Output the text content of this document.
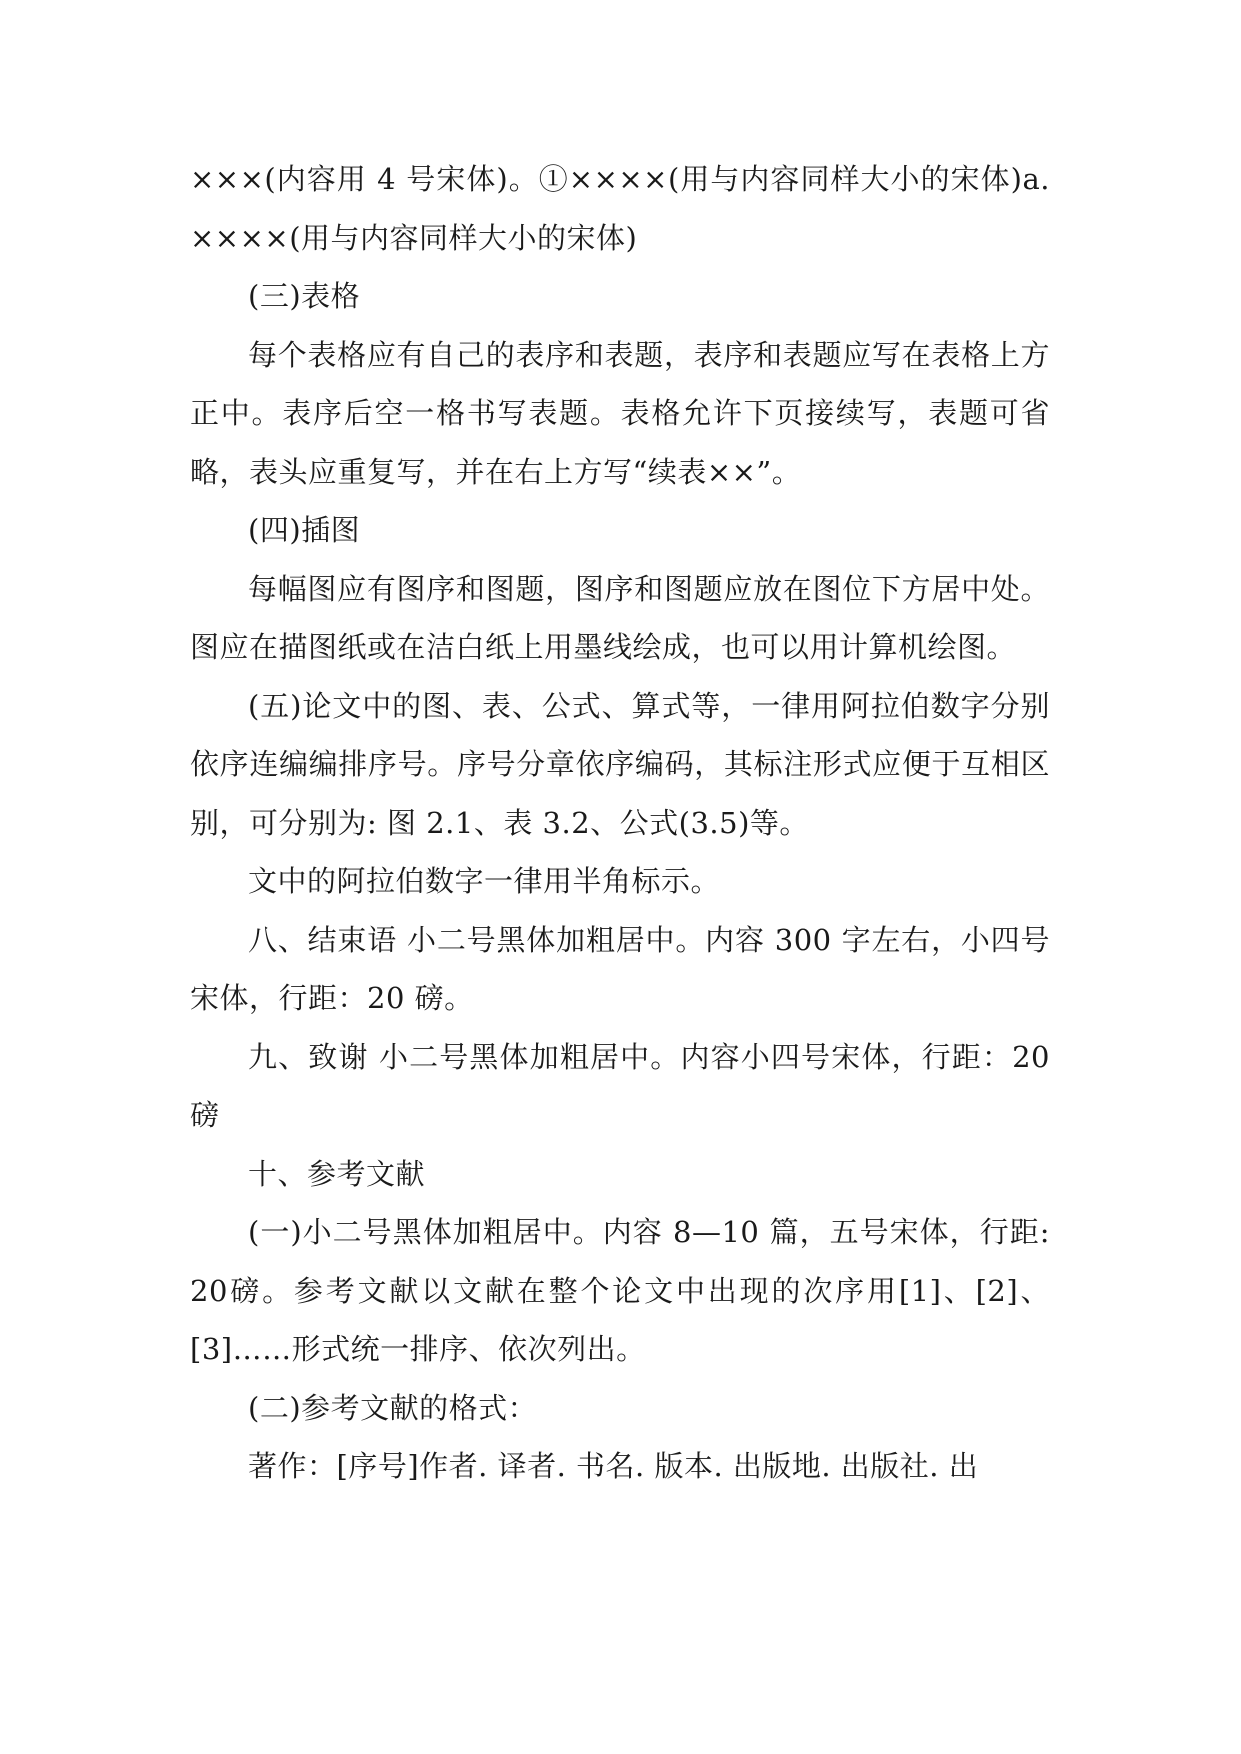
×××(内容用 4 号宋体)。①××××(用与内容同样大小的宋体)a. ××××(用与内容同样大小的宋体)

(三)表格

每个表格应有自己的表序和表题，表序和表题应写在表格上方正中。表序后空一格书写表题。表格允许下页接续写，表题可省略，表头应重复写，并在右上方写“续表××”。

(四)插图

每幅图应有图序和图题，图序和图题应放在图位下方居中处。图应在描图纸或在洁白纸上用墨线绘成，也可以用计算机绘图。

(五)论文中的图、表、公式、算式等，一律用阿拉伯数字分别依序连编编排序号。序号分章依序编码，其标注形式应便于互相区别，可分别为: 图 2.1、表 3.2、公式(3.5)等。

文中的阿拉伯数字一律用半角标示。

八、结束语 小二号黑体加粗居中。内容 300 字左右，小四号宋体，行距：20 磅。

九、致谢 小二号黑体加粗居中。内容小四号宋体，行距：20 磅

十、参考文献

(一)小二号黑体加粗居中。内容 8—10 篇，五号宋体，行距: 20磅。参考文献以文献在整个论文中出现的次序用[1]、[2]、[3]……形式统一排序、依次列出。

(二)参考文献的格式：

著作：[序号]作者. 译者. 书名. 版本. 出版地. 出版社. 出
